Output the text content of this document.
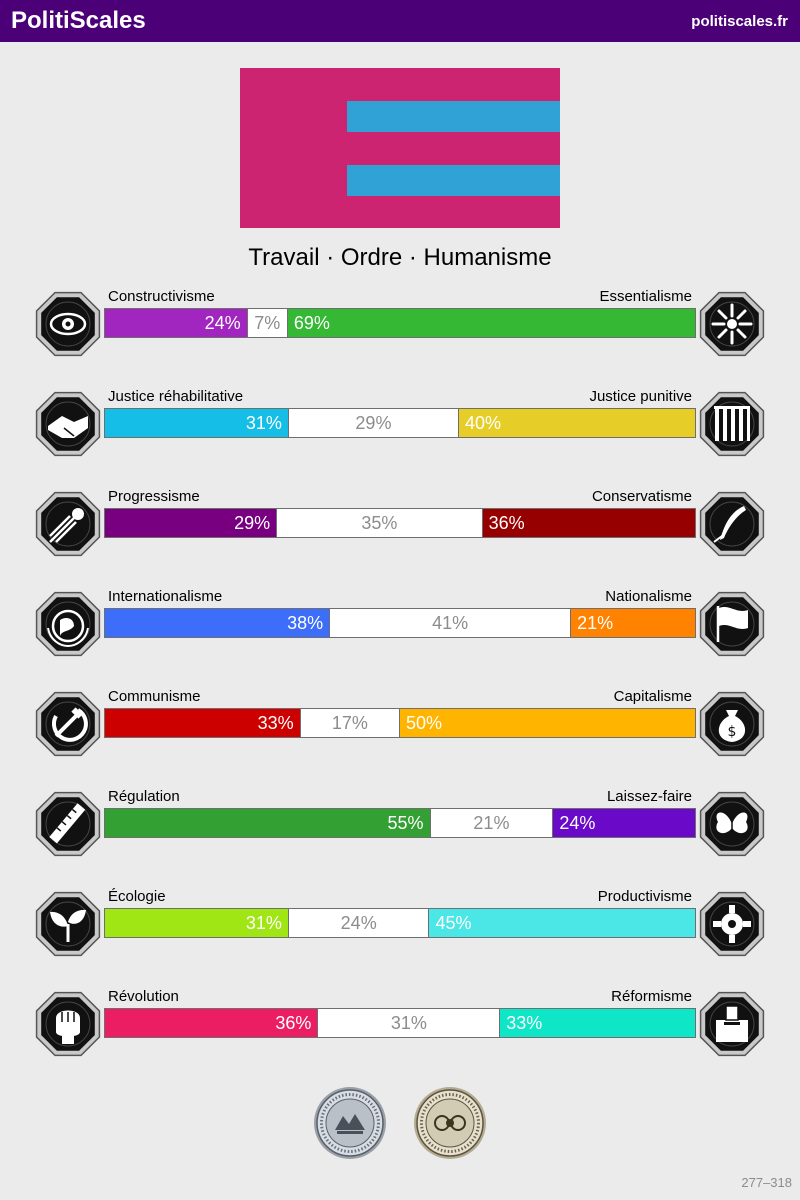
PolitiScales	politiscales.fr
Travail · Ordre · Humanisme
Constructivisme	Essentialisme
24% 7% 69%
Justice réhabilitative	Justice punitive
31%	29%	40%
Progressisme	Conservatisme
29%	35%	36%
Internationalisme	Nationalisme
38%	41%	21%
Communisme	Capitalisme
33%	17%	50%	$
Régulation	Laissez-faire
55%	21%	24%
Écologie	Productivisme
31%	24%	45%
Révolution	Réformisme
36%	31%	33%
277–318
